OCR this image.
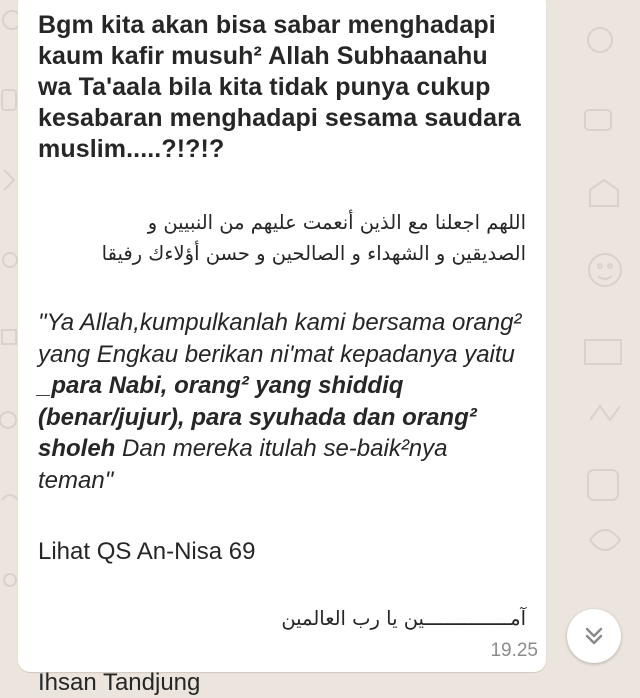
Bgm kita akan bisa sabar menghadapi kaum kafir musuh² Allah Subhaanahu wa Ta'aala bila kita tidak punya cukup kesabaran menghadapi sesama saudara muslim.....?!?!?

اللهم اجعلنا مع الذين أنعمت عليهم من النبيين و

الصديقين و الشهداء و الصالحين و حسن أؤلاءك رفيقا

"Ya Allah,kumpulkanlah kami bersama orang² yang Engkau berikan ni'mat kepadanya yaitu _para Nabi, orang² yang shiddiq (benar/jujur), para syuhada dan orang² sholeh Dan mereka itulah se-baik²nya teman"

Lihat QS An-Nisa 69

آمـــــــــــــــين يا رب العالمين

Ihsan Tandjung

19.25
